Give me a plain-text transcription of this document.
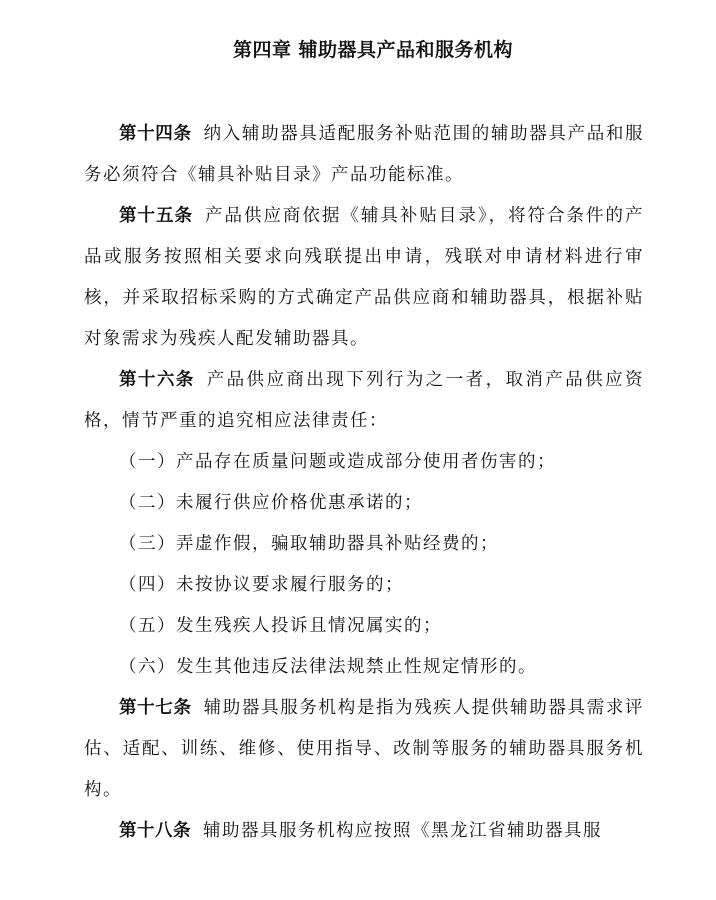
第四章 辅助器具产品和服务机构

第十四条 纳入辅助器具适配服务补贴范围的辅助器具产品和服务必须符合《辅具补贴目录》产品功能标准。

第十五条 产品供应商依据《辅具补贴目录》，将符合条件的产品或服务按照相关要求向残联提出申请，残联对申请材料进行审核，并采取招标采购的方式确定产品供应商和辅助器具，根据补贴对象需求为残疾人配发辅助器具。

第十六条 产品供应商出现下列行为之一者，取消产品供应资格，情节严重的追究相应法律责任：

（一）产品存在质量问题或造成部分使用者伤害的；

（二）未履行供应价格优惠承诺的；

（三）弄虚作假，骗取辅助器具补贴经费的；

（四）未按协议要求履行服务的；

（五）发生残疾人投诉且情况属实的；

（六）发生其他违反法律法规禁止性规定情形的。

第十七条 辅助器具服务机构是指为残疾人提供辅助器具需求评估、适配、训练、维修、使用指导、改制等服务的辅助器具服务机构。

第十八条 辅助器具服务机构应按照《黑龙江省辅助器具服
